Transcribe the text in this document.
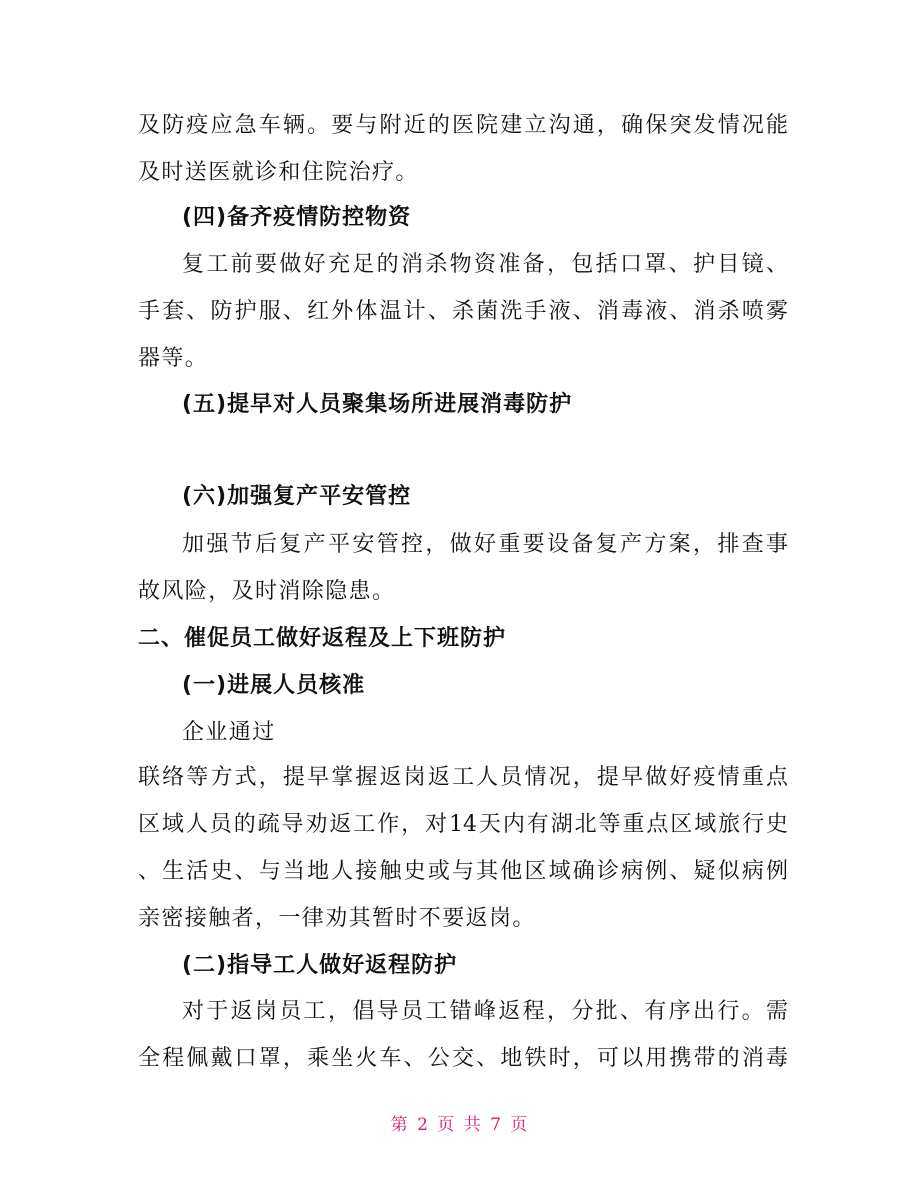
及防疫应急车辆。要与附近的医院建立沟通，确保突发情况能
及时送医就诊和住院治疗。
(四)备齐疫情防控物资
复工前要做好充足的消杀物资准备，包括口罩、护目镜、
手套、防护服、红外体温计、杀菌洗手液、消毒液、消杀喷雾
器等。
(五)提早对人员聚集场所进展消毒防护
(六)加强复产平安管控
加强节后复产平安管控，做好重要设备复产方案，排查事
故风险，及时消除隐患。
二、催促员工做好返程及上下班防护
(一)进展人员核准
企业通过
联络等方式，提早掌握返岗返工人员情况，提早做好疫情重点
区域人员的疏导劝返工作，对14天内有湖北等重点区域旅行史
、生活史、与当地人接触史或与其他区域确诊病例、疑似病例
亲密接触者，一律劝其暂时不要返岗。
(二)指导工人做好返程防护
对于返岗员工，倡导员工错峰返程，分批、有序出行。需
全程佩戴口罩，乘坐火车、公交、地铁时，可以用携带的消毒
第 2 页 共 7 页
